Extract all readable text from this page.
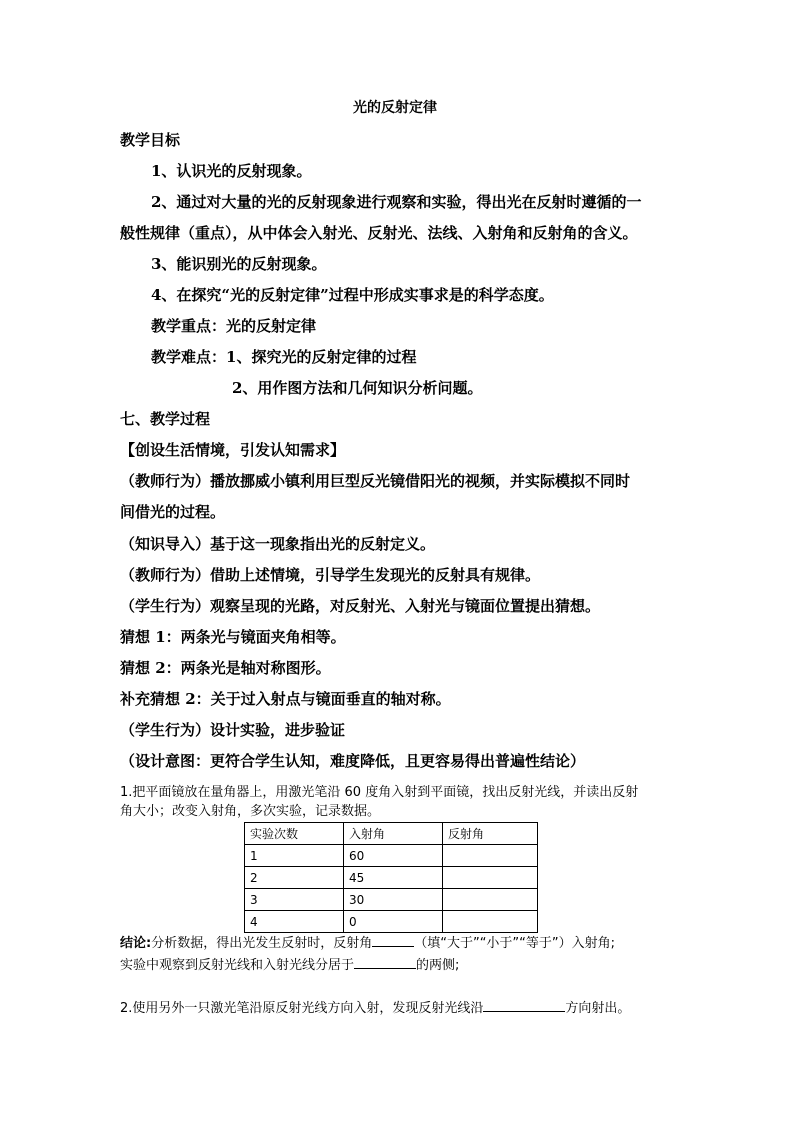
光的反射定律
教学目标
1、认识光的反射现象。
2、通过对大量的光的反射现象进行观察和实验，得出光在反射时遵循的一
般性规律（重点），从中体会入射光、反射光、法线、入射角和反射角的含义。
3、能识别光的反射现象。
4、在探究“光的反射定律”过程中形成实事求是的科学态度。
教学重点：光的反射定律
教学难点：1、探究光的反射定律的过程
2、用作图方法和几何知识分析问题。
七、教学过程
【创设生活情境，引发认知需求】
（教师行为）播放挪威小镇利用巨型反光镜借阳光的视频，并实际模拟不同时
间借光的过程。
（知识导入）基于这一现象指出光的反射定义。
（教师行为）借助上述情境，引导学生发现光的反射具有规律。
（学生行为）观察呈现的光路，对反射光、入射光与镜面位置提出猜想。
猜想 1：两条光与镜面夹角相等。
猜想 2：两条光是轴对称图形。
补充猜想 2：关于过入射点与镜面垂直的轴对称。
（学生行为）设计实验，进步验证
（设计意图：更符合学生认知，难度降低，且更容易得出普遍性结论）
1.把平面镜放在量角器上，用激光笔沿 60 度角入射到平面镜，找出反射光线，并读出反射
角大小；改变入射角，多次实验，记录数据。
实验次数	入射角	反射角
1	60	
2	45	
3	30	
4	0	
结论:分析数据，得出光发生反射时，反射角	（填“大于”“小于”“等于”）入射角;
实验中观察到反射光线和入射光线分居于	的两侧;
2.使用另外一只激光笔沿原反射光线方向入射，发现反射光线沿	方向射出。
